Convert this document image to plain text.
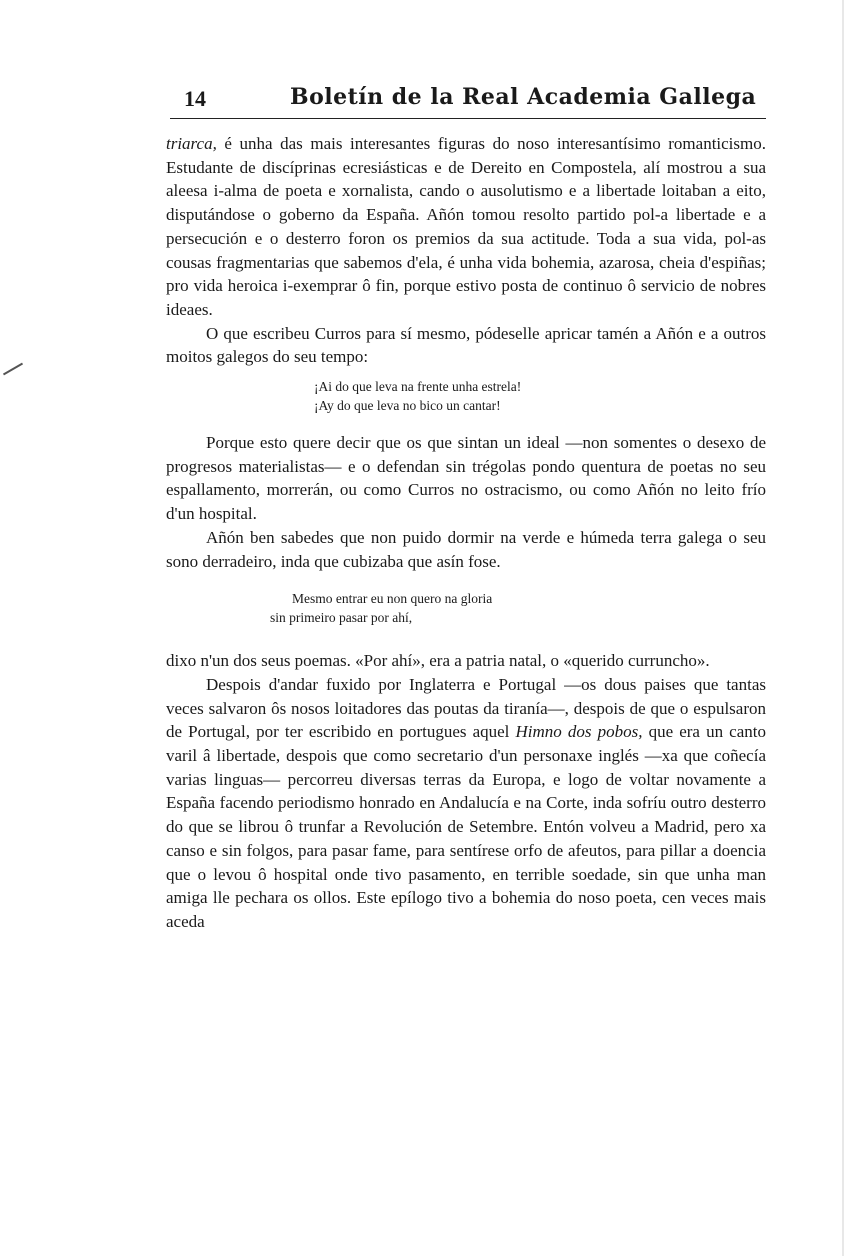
14	Boletín de la Real Academia Gallega

triarca, é unha das mais interesantes figuras do noso interesantísimo romanticismo. Estudante de discíprinas ecresiásticas e de Dereito en Compostela, alí mostrou a sua aleesa i-alma de poeta e xornalista, cando o ausolutismo e a libertade loitaban a eito, disputándose o goberno da España. Añón tomou resolto partido pol-a libertade e a persecución e o desterro foron os premios da sua actitude. Toda a sua vida, pol-as cousas fragmentarias que sabemos d'ela, é unha vida bohemia, azarosa, cheia d'espiñas; pro vida heroica i-exemprar ô fin, porque estivo posta de continuo ô servicio de nobres ideaes.

O que escribeu Curros para sí mesmo, pódeselle apricar tamén a Añón e a outros moitos galegos do seu tempo:

¡Ai do que leva na frente unha estrela!
¡Ay do que leva no bico un cantar!

Porque esto quere decir que os que sintan un ideal —non somentes o desexo de progresos materialistas— e o defendan sin trégolas pondo quentura de poetas no seu espallamento, morrerán, ou como Curros no ostracismo, ou como Añón no leito frío d'un hospital.

Añón ben sabedes que non puido dormir na verde e húmeda terra galega o seu sono derradeiro, inda que cubizaba que asín fose.

Mesmo entrar eu non quero na gloria
sin primeiro pasar por ahí,

dixo n'un dos seus poemas. «Por ahí», era a patria natal, o «querido curruncho».

Despois d'andar fuxido por Inglaterra e Portugal —os dous paises que tantas veces salvaron ôs nosos loitadores das poutas da tiranía—, despois de que o espulsaron de Portugal, por ter escribido en portugues aquel Himno dos pobos, que era un canto varil â libertade, despois que como secretario d'un personaxe inglés —xa que coñecía varias linguas— percorreu diversas terras da Europa, e logo de voltar novamente a España facendo periodismo honrado en Andalucía e na Corte, inda sofríu outro desterro do que se librou ô trunfar a Revolución de Setembre. Entón volveu a Madrid, pero xa canso e sin folgos, para pasar fame, para sentírese orfo de afeutos, para pillar a doencia que o levou ô hospital onde tivo pasamento, en terrible soedade, sin que unha man amiga lle pechara os ollos. Este epílogo tivo a bohemia do noso poeta, cen veces mais aceda
